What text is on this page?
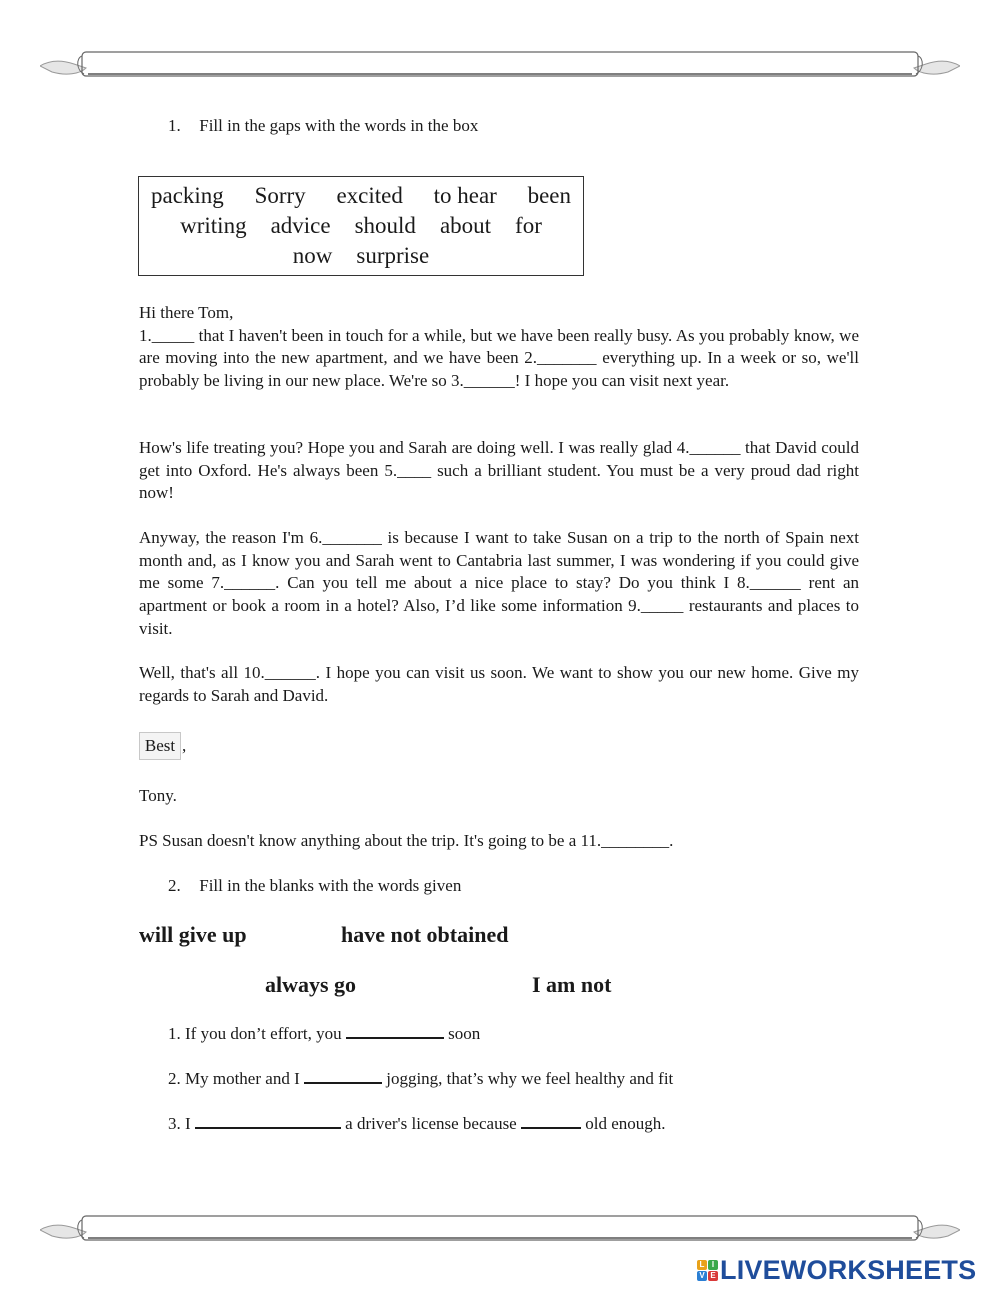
1. Fill in the gaps with the words in the box
packing Sorry excited to hear been
writing advice should about for
now surprise

Hi there Tom,

1._____ that I haven't been in touch for a while, but we have been really busy. As you probably know, we are moving into the new apartment, and we have been 2._______ everything up. In a week or so, we'll probably be living in our new place. We're so 3.______! I hope you can visit next year.

How's life treating you? Hope you and Sarah are doing well. I was really glad 4.______ that David could get into Oxford. He's always been 5.____ such a brilliant student. You must be a very proud dad right now!

Anyway, the reason I'm 6._______ is because I want to take Susan on a trip to the north of Spain next month and, as I know you and Sarah went to Cantabria last summer, I was wondering if you could give me some 7.______. Can you tell me about a nice place to stay? Do you think I 8.______ rent an apartment or book a room in a hotel? Also, I’d like some information 9._____ restaurants and places to visit.

Well, that's all 10.______. I hope you can visit us soon. We want to show you our new home. Give my regards to Sarah and David.

Best ,
Tony.
PS Susan doesn't know anything about the trip. It's going to be a 11.________.
2. Fill in the blanks with the words given
will give up	have not obtained
always go	I am not
1. If you don’t effort, you	soon
2. My mother and I	jogging, that’s why we feel healthy and fit
3. I	a driver's license because	old enough.
L I
V E LIVEWORKSHEETS
